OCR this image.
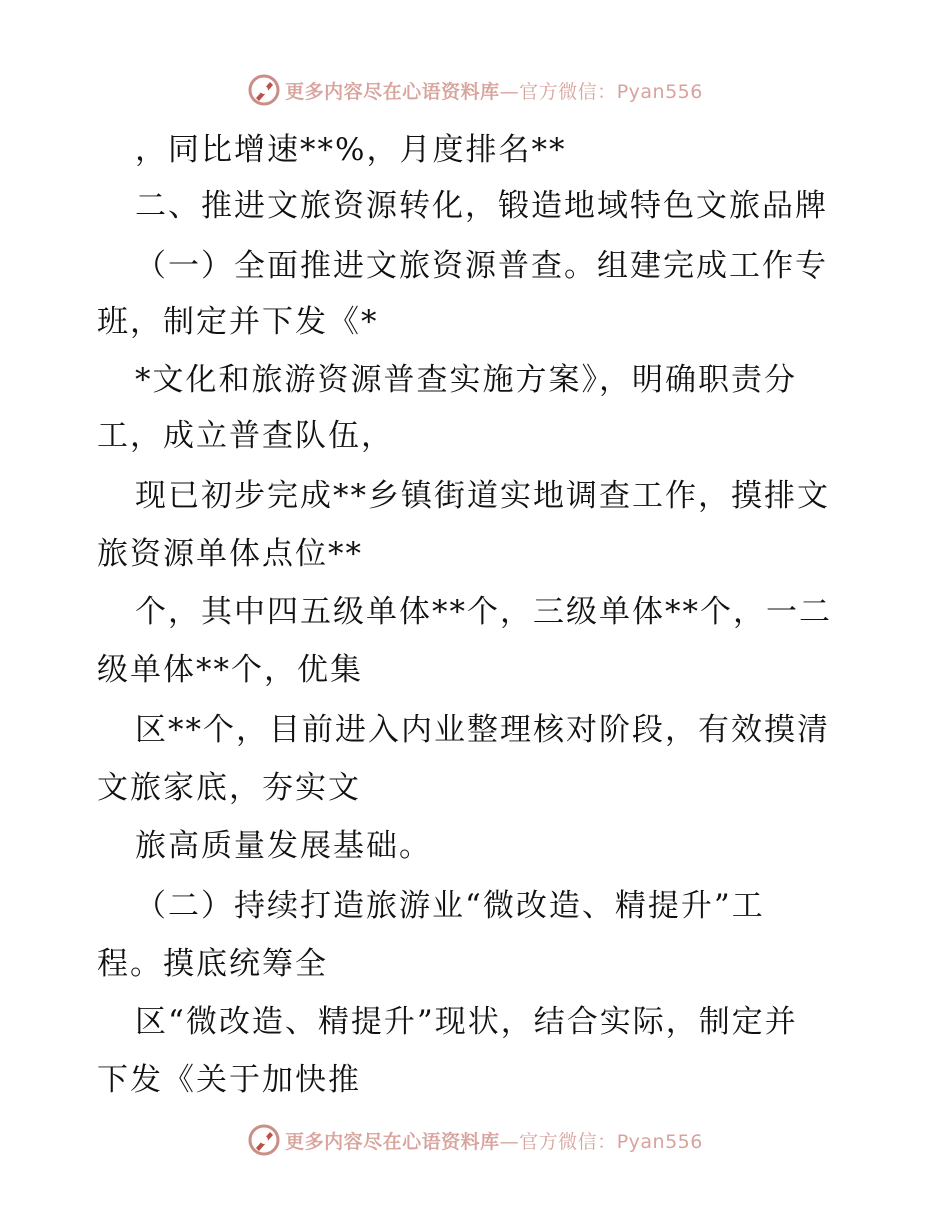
更多内容尽在心语资料库—官方微信：Pyan556
，同比增速**%，月度排名**
二、推进文旅资源转化，锻造地域特色文旅品牌
（一）全面推进文旅资源普查。组建完成工作专
班，制定并下发《*
*文化和旅游资源普查实施方案》，明确职责分
工，成立普查队伍，
现已初步完成**乡镇街道实地调查工作，摸排文
旅资源单体点位**
个，其中四五级单体**个，三级单体**个，一二
级单体**个，优集
区**个，目前进入内业整理核对阶段，有效摸清
文旅家底，夯实文
旅高质量发展基础。
（二）持续打造旅游业“微改造、精提升”工
程。摸底统筹全
区“微改造、精提升”现状，结合实际，制定并
下发《关于加快推
更多内容尽在心语资料库—官方微信：Pyan556
